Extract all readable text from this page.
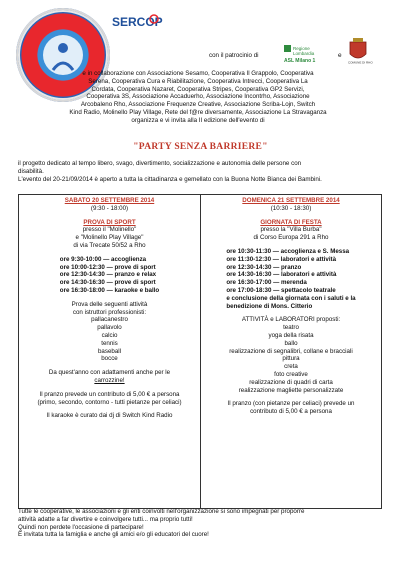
SERCOP
con il patrocinio di
Regione
Lombardia
ASL Milano 1
e
COMUNE DI RHO
e in collaborazione con Associazione Sesamo, Cooperativa Il Grappolo, Cooperativa
Serena, Cooperativa Cura e Riabilitazione, Cooperativa Intrecci, Cooperativa La
Cordata, Cooperativa Nazaret, Cooperativa Stripes, Cooperativa GP2 Servizi,
Cooperativa 3S, Associazione Accaduerho, Associazione Incontrho, Associazione
Arcobaleno Rho, Associazione Frequenze Creative, Associazione Scriba-Lojn, Switch
Kind Radio, Molinello Play Village, Rete del f@re diversamente, Associazione La Stravaganza
organizza e vi invita alla II edizione dell'evento di
"PARTY SENZA BARRIERE"

il progetto dedicato al tempo libero, svago, divertimento, socializzazione e autonomia delle persone con

disabilità.

L'evento del 20-21/09/2014 è aperto a tutta la cittadinanza e gemellato con la Buona Notte Bianca dei Bambini.

SABATO 20 SETTEMBRE 2014
(9:30 - 18:00)
PROVA DI SPORT
presso il "Molinello"
e "Molinello Play Village"
di via Trecate 50/52 a Rho
ore 9:30-10:00 — accoglienza
ore 10:00-12:30 — prove di sport
ore 12:30-14:30 — pranzo e relax
ore 14:30-16:30 — prove di sport
ore 16:30-18:00 — karaoke e ballo
Prova delle seguenti attività
con istruttori professionisti:
pallacanestro
pallavolo
calcio
tennis
baseball
bocce
Da quest'anno con adattamenti anche per le
carrozzine!
Il pranzo prevede un contributo di 5,00 € a persona
(primo, secondo, contorno - tutti pietanze per celiaci)
Il karaoke è curato dai dj di Switch Kind Radio
DOMENICA 21 SETTEMBRE 2014
(10:30 - 18:30)
GIORNATA DI FESTA
presso la "Villa Burba"
di Corso Europa 291 a Rho
ore 10:30-11:30 — accoglienza e S. Messa
ore 11:30-12:30 — laboratori e attività
ore 12:30-14:30 — pranzo
ore 14:30-16:30 — laboratori e attività
ore 16:30-17:00 — merenda
ore 17:00-18:30 — spettacolo teatrale
e conclusione della giornata con i saluti e la
benedizione di Mons. Citterio
ATTIVITÀ e LABORATORI proposti:
teatro
yoga della risata
ballo
realizzazione di segnalibri, collane e bracciali
pittura
creta
foto creative
realizzazione di quadri di carta
realizzazione magliette personalizzate
Il pranzo (con pietanze per celiaci) prevede un
contributo di 5,00 € a persona

Tutte le cooperative, le associazioni e gli enti coinvolti nell'organizzazione si sono impegnati per proporre

attività adatte a far divertire e coinvolgere tutti... ma proprio tutti!

Quindi non perdete l'occasione di partecipare!

È invitata tutta la famiglia e anche gli amici e/o gli educatori del cuore!
